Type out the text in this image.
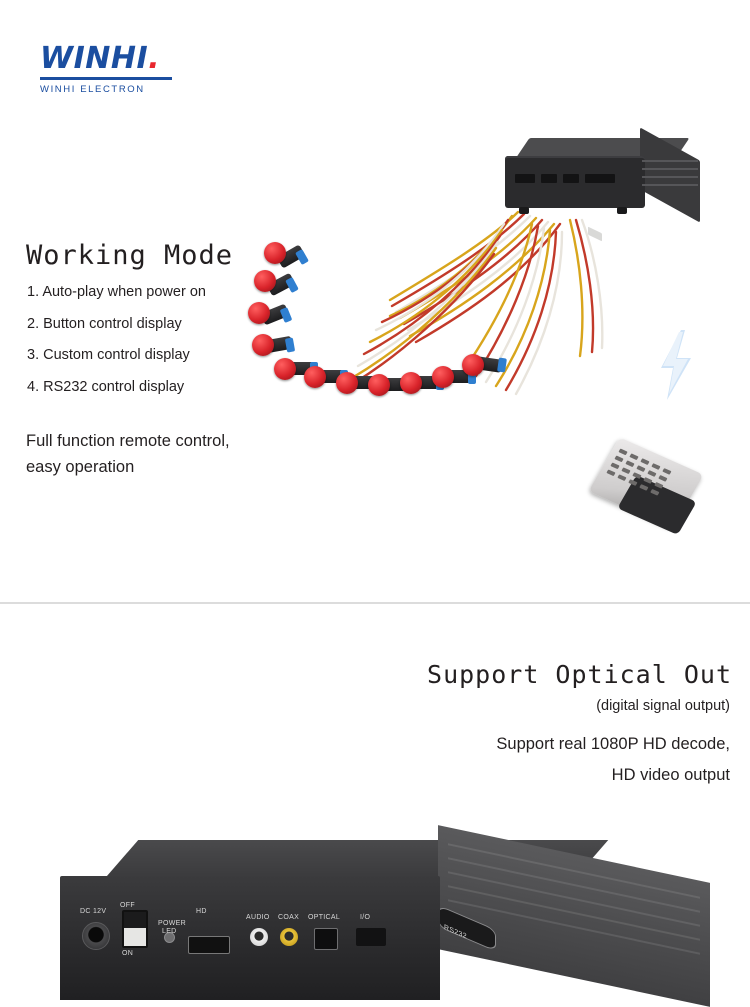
WINHI.
WINHI ELECTRON
Working Mode
1. Auto-play when power on
2. Button control display
3. Custom control display
4. RS232 control display
Full function remote control,
easy operation
Support Optical Out
(digital signal output)
Support real 1080P HD decode,
HD video output
RS232
DC 12V
OFF
ON
POWER
LED
HD
AUDIO COAX OPTICAL	I/O
